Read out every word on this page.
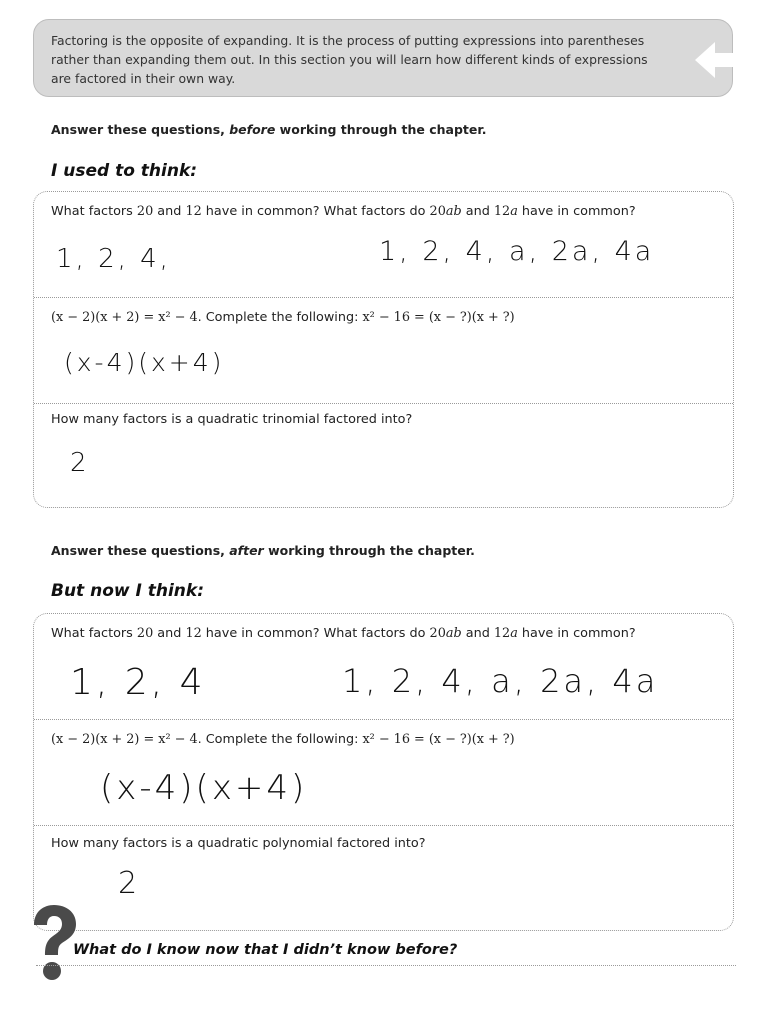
Factoring is the opposite of expanding. It is the process of putting expressions into parentheses rather than expanding them out. In this section you will learn how different kinds of expressions are factored in their own way.
Answer these questions, before working through the chapter.
I used to think:
What factors 20 and 12 have in common? What factors do 20ab and 12a have in common?
1, 2, 4,	1, 2, 4, a, 2a, 4a
(x − 2)(x + 2) = x² − 4. Complete the following: x² − 16 = (x − ?)(x + ?)
(x-4)(x+4)
How many factors is a quadratic trinomial factored into?
2
Answer these questions, after working through the chapter.
But now I think:
What factors 20 and 12 have in common? What factors do 20ab and 12a have in common?
1, 2, 4	1, 2, 4, a, 2a, 4a
(x − 2)(x + 2) = x² − 4. Complete the following: x² − 16 = (x − ?)(x + ?)
(x-4)(x+4)
How many factors is a quadratic polynomial factored into?
2
What do I know now that I didn’t know before?
